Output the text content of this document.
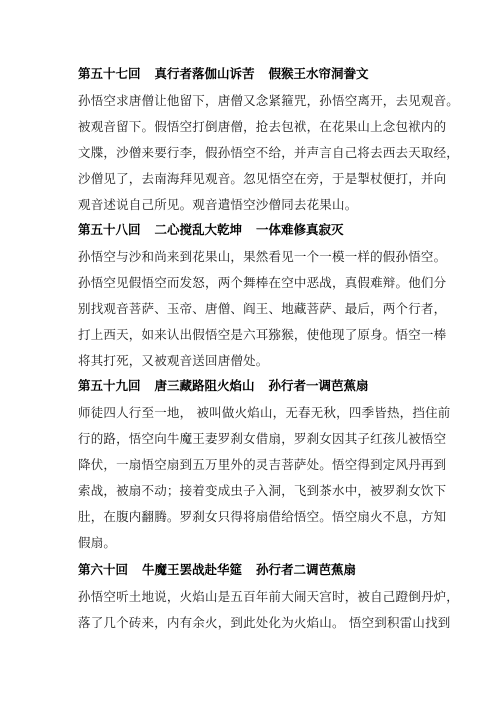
第五十七回 真行者落伽山诉苦 假猴王水帘洞誊文
孙悟空求唐僧让他留下，唐僧又念紧箍咒，孙悟空离开，去见观音。
被观音留下。假悟空打倒唐僧，抢去包袱，在花果山上念包袱内的
文牒，沙僧来要行李，假孙悟空不给，并声言自己将去西去天取经，
沙僧见了，去南海拜见观音。忽见悟空在旁，于是掣杖便打，并向
观音述说自己所见。观音遣悟空沙僧同去花果山。
第五十八回 二心搅乱大乾坤 一体难修真寂灭
孙悟空与沙和尚来到花果山，果然看见一个一模一样的假孙悟空。
孙悟空见假悟空而发怒，两个舞棒在空中恶战，真假难辩。他们分
别找观音菩萨、玉帝、唐僧、阎王、地藏菩萨、最后，两个行者，
打上西天，如来认出假悟空是六耳猕猴，使他现了原身。悟空一棒
将其打死，又被观音送回唐僧处。
第五十九回 唐三藏路阻火焰山 孙行者一调芭蕉扇
师徒四人行至一地， 被叫做火焰山，无春无秋，四季皆热，挡住前
行的路，悟空向牛魔王妻罗刹女借扇，罗刹女因其子红孩儿被悟空
降伏，一扇悟空扇到五万里外的灵吉菩萨处。悟空得到定风丹再到
索战，被扇不动；接着变成虫子入洞，飞到茶水中，被罗刹女饮下
肚，在腹内翻腾。罗刹女只得将扇借给悟空。悟空扇火不息，方知
假扇。
第六十回 牛魔王罢战赴华筵 孙行者二调芭蕉扇
孙悟空听土地说，火焰山是五百年前大闹天宫时，被自己蹬倒丹炉，
落了几个砖来，内有余火，到此处化为火焰山。 悟空到积雷山找到
